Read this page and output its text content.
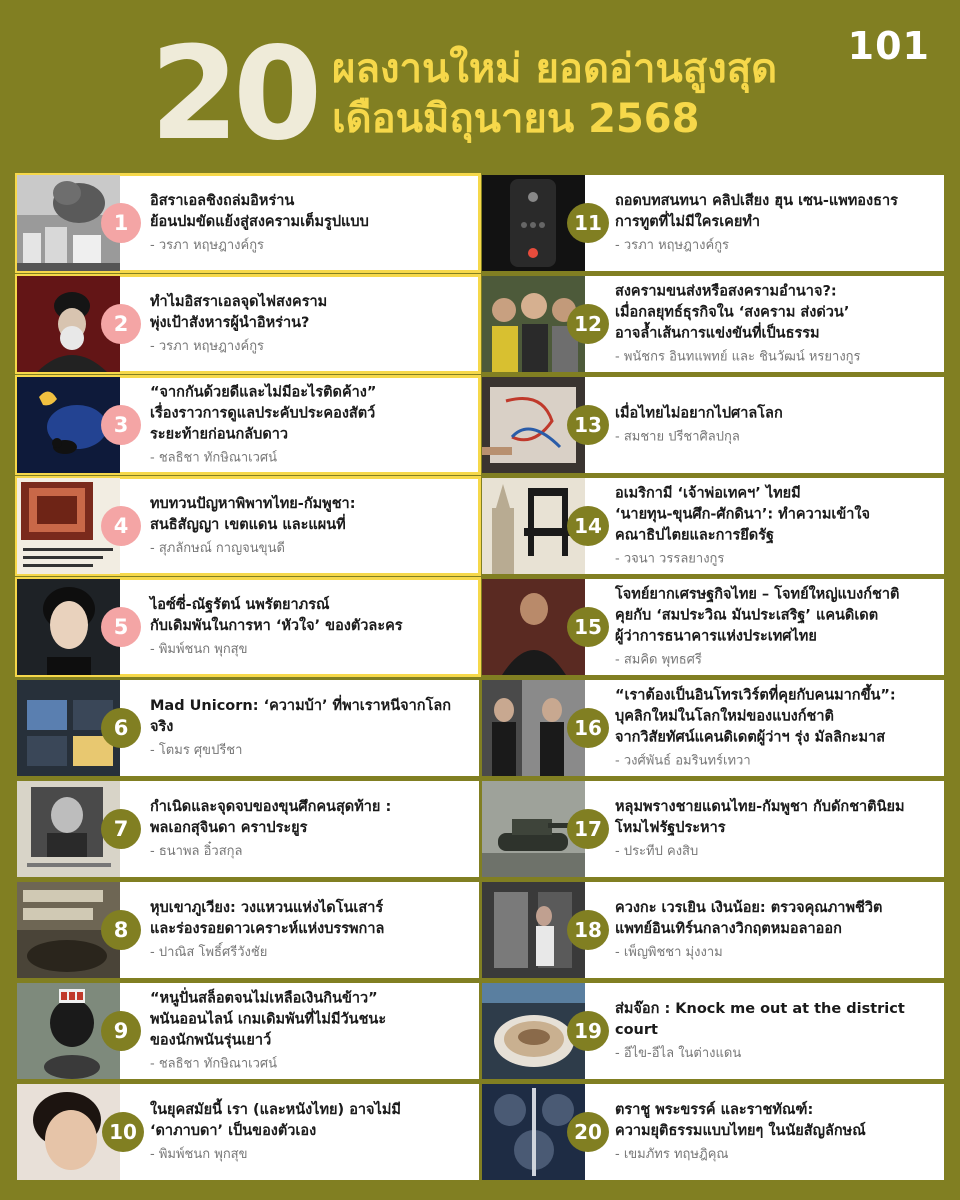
20 ผลงานใหม่ ยอดอ่านสูงสุด
เดือนมิถุนายน 2568
101
1
อิสราเอลชิงถล่มอิหร่าน
ย้อนปมขัดแย้งสู่สงครามเต็มรูปแบบ
- วรภา หฤษฎางค์กูร
2
ทำไมอิสราเอลจุดไฟสงคราม
พุ่งเป้าสังหารผู้นำอิหร่าน?
- วรภา หฤษฎางค์กูร
3
“จากกันด้วยดีและไม่มีอะไรติดค้าง”
เรื่องราวการดูแลประคับประคองสัตว์
ระยะท้ายก่อนกลับดาว
- ชลธิชา ทักษิณาเวศน์
4
ทบทวนปัญหาพิพาทไทย-กัมพูชา:
สนธิสัญญา เขตแดน และแผนที่
- สุภลักษณ์ กาญจนขุนดี
5
ไอซ์ซี่-ณัฐรัตน์ นพรัตยาภรณ์
กับเดิมพันในการหา ‘หัวใจ’ ของตัวละคร
- พิมพ์ชนก พุกสุข
6
Mad Unicorn: ‘ความบ้า’ ที่พาเราหนีจากโลกจริง
- โตมร ศุขปรีชา
7
กำเนิดและจุดจบของขุนศึกคนสุดท้าย :
พลเอกสุจินดา คราประยูร
- ธนาพล อิ๋วสกุล
8
หุบเขาภูเวียง: วงแหวนแห่งไดโนเสาร์
และร่องรอยดาวเคราะห์แห่งบรรพกาล
- ปาณิส โพธิ์ศรีวังชัย
9
“หนูปั่นสล็อตจนไม่เหลือเงินกินข้าว”
พนันออนไลน์ เกมเดิมพันที่ไม่มีวันชนะ
ของนักพนันรุ่นเยาว์
- ชลธิชา ทักษิณาเวศน์
10
ในยุคสมัยนี้ เรา (และหนังไทย) อาจไม่มี
‘ดาภาบดา’ เป็นของตัวเอง
- พิมพ์ชนก พุกสุข
11
ถอดบทสนทนา คลิปเสียง ฮุน เซน-แพทองธาร
การทูตที่ไม่มีใครเคยทำ
- วรภา หฤษฎางค์กูร
12
สงครามขนส่งหรือสงครามอำนาจ?:
เมื่อกลยุทธ์ธุรกิจใน ‘สงคราม ส่งด่วน’
อาจล้ำเส้นการแข่งขันที่เป็นธรรม
- พนัชกร อินทแพทย์ และ ชินวัฒน์ หรยางกูร
13 เมื่อไทยไม่อยากไปศาลโลก
- สมชาย ปรีชาศิลปกุล
14
อเมริกามี ‘เจ้าพ่อเทคฯ’ ไทยมี
‘นายทุน-ขุนศึก-ศักดินา’: ทำความเข้าใจ
คณาธิปไตยและการยึดรัฐ
- วจนา วรรลยางกูร
15
โจทย์ยากเศรษฐกิจไทย – โจทย์ใหญ่แบงก์ชาติ
คุยกับ ‘สมประวิณ มันประเสริฐ’ แคนดิเดต
ผู้ว่าการธนาคารแห่งประเทศไทย
- สมคิด พุทธศรี
16
“เราต้องเป็นอินโทรเวิร์ตที่คุยกับคนมากขึ้น”:
บุคลิกใหม่ในโลกใหม่ของแบงก์ชาติ
จากวิสัยทัศน์แคนดิเดตผู้ว่าฯ รุ่ง มัลลิกะมาส
- วงศ์พันธ์ อมรินทร์เทวา
17
หลุมพรางชายแดนไทย-กัมพูชา กับดักชาตินิยม
โหมไฟรัฐประหาร
- ประทีป คงสิบ
18
ควงกะ เวรเยิน เงินน้อย: ตรวจคุณภาพชีวิต
แพทย์อินเทิร์นกลางวิกฤตหมอลาออก
- เพ็ญพิชชา มุ่งงาม
19
ส่มจ๊อก : Knock me out at the district court
- อีไข-อีไล ในต่างแดน
20
ตราชู พระขรรค์ และราชทัณฑ์:
ความยุติธรรมแบบไทยๆ ในนัยสัญลักษณ์
- เขมภัทร ทฤษฎิคุณ
